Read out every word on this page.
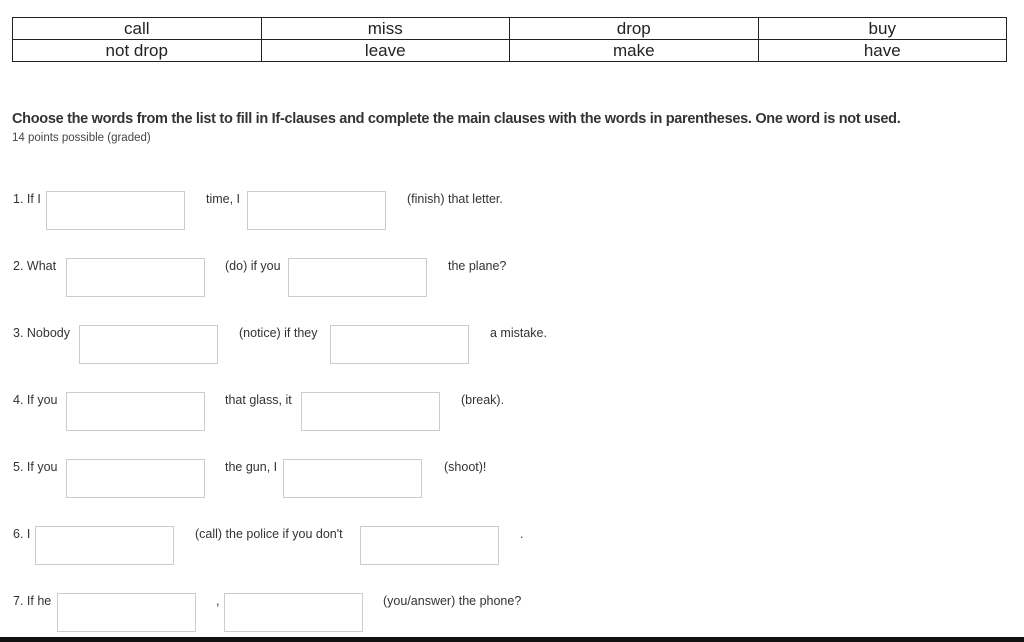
call	miss	drop	buy
not drop	leave	make	have
Choose the words from the list to fill in If-clauses and complete the main clauses with the words in parentheses. One word is not used.
14 points possible (graded)
1. If I	time, I	(finish) that letter.
2. What	(do) if you	the plane?
3. Nobody	(notice) if they	a mistake.
4. If you	that glass, it	(break).
5. If you	the gun, I	(shoot)!
6. I	(call) the police if you don't	.
7. If he	,	(you/answer) the phone?
